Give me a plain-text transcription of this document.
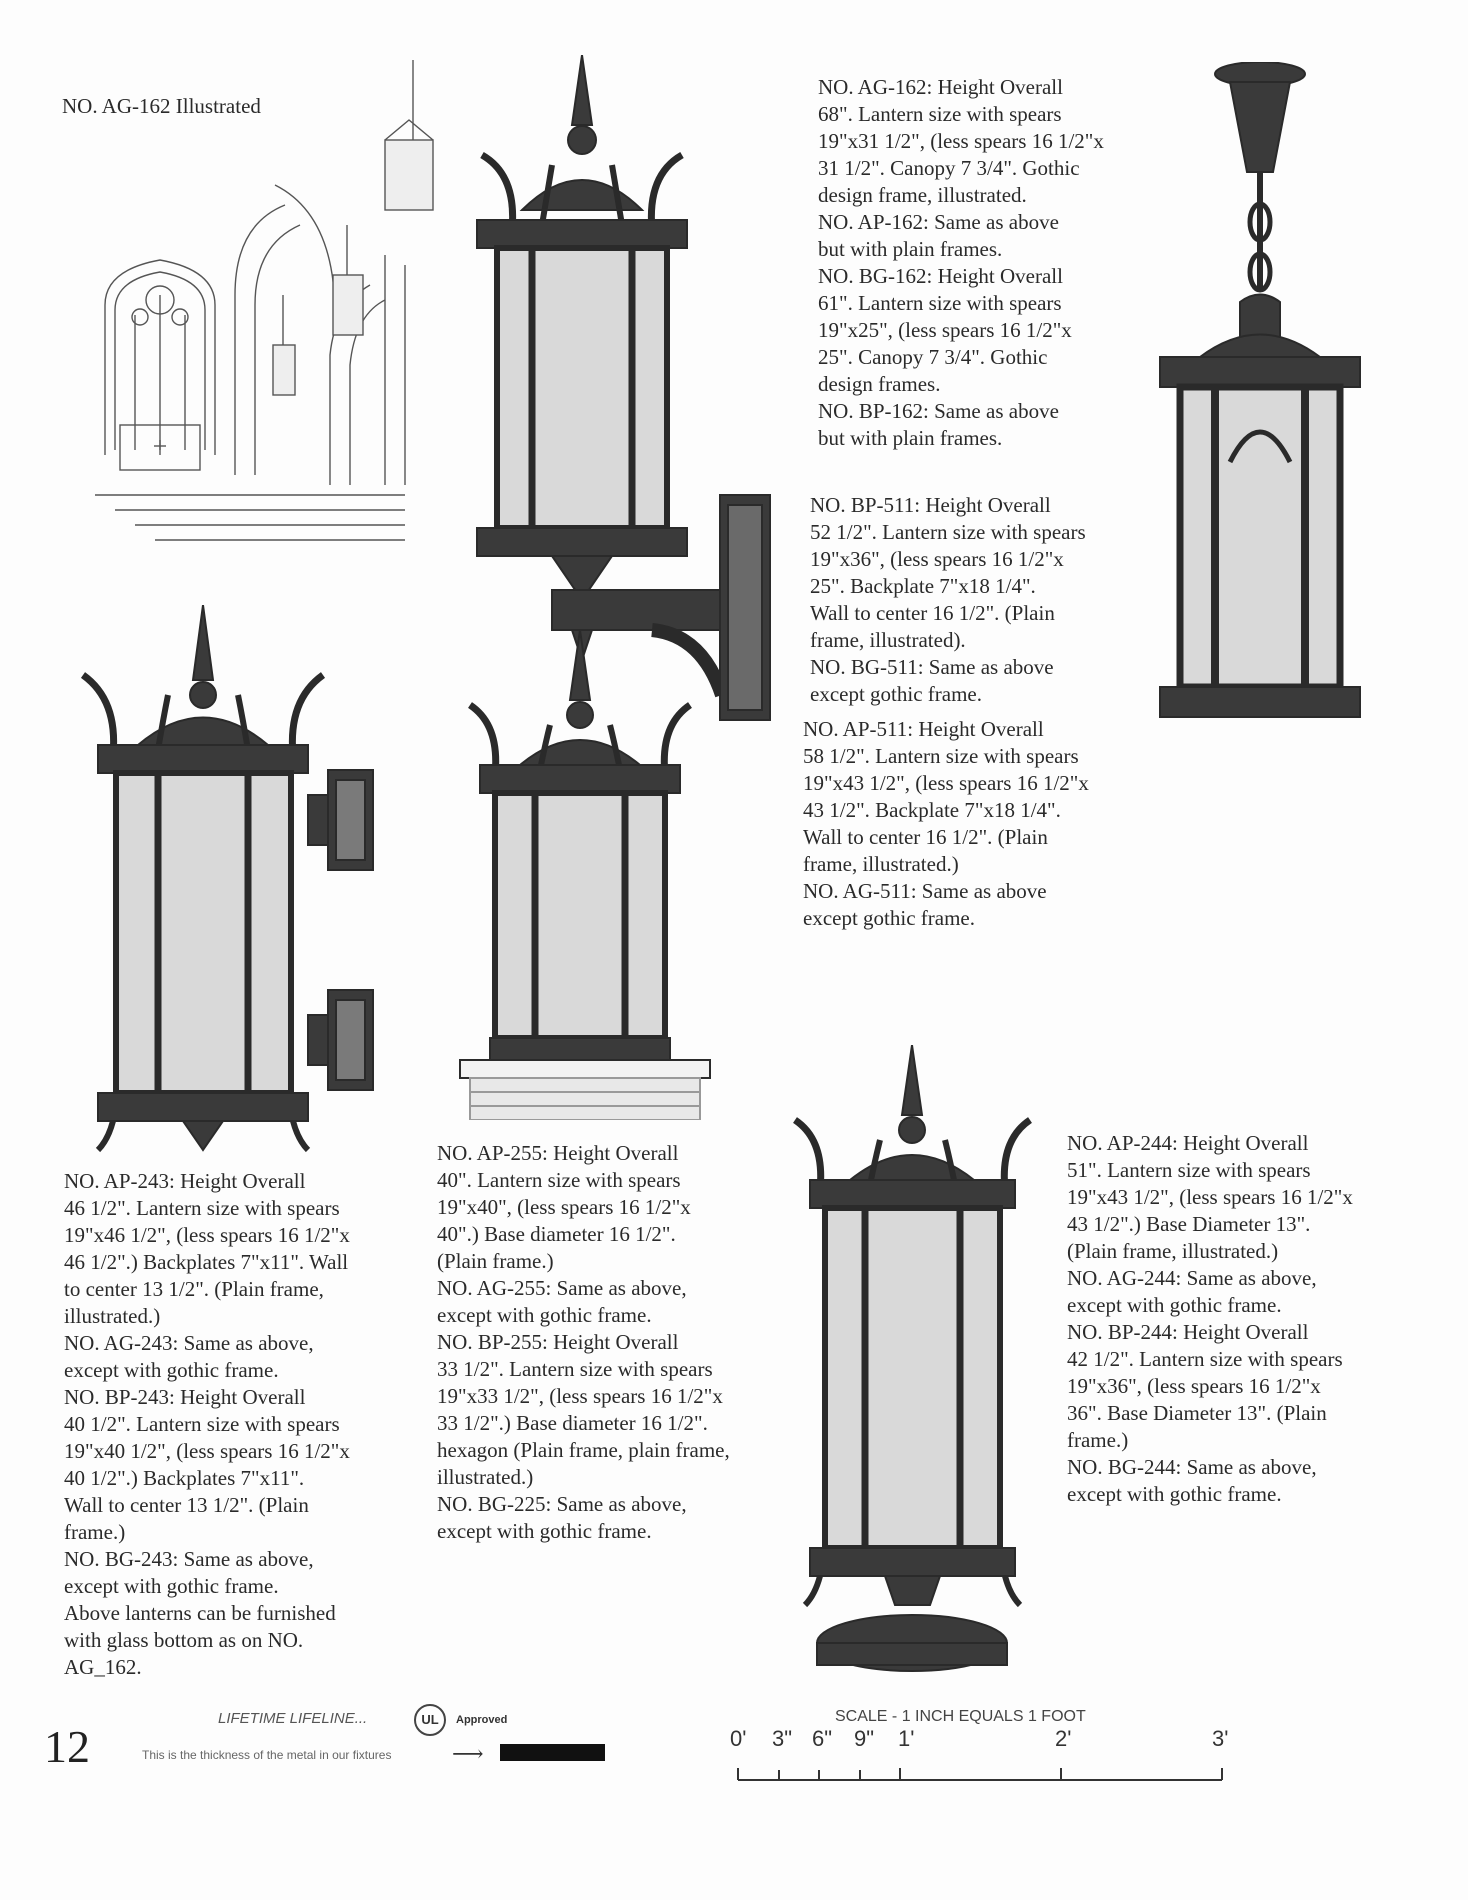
NO. AG-162 Illustrated
NO. AG-162: Height Overall
68". Lantern size with spears
19"x31 1/2", (less spears 16 1/2"x
31 1/2". Canopy 7 3/4". Gothic
design frame, illustrated.
NO. AP-162: Same as above
but with plain frames.
NO. BG-162: Height Overall
61". Lantern size with spears
19"x25", (less spears 16 1/2"x
25". Canopy 7 3/4". Gothic
design frames.
NO. BP-162: Same as above
but with plain frames.
NO. BP-511: Height Overall
52 1/2". Lantern size with spears
19"x36", (less spears 16 1/2"x
25". Backplate 7"x18 1/4".
Wall to center 16 1/2". (Plain
frame, illustrated).
NO. BG-511: Same as above
except gothic frame.
NO. AP-511: Height Overall
58 1/2". Lantern size with spears
19"x43 1/2", (less spears 16 1/2"x
43 1/2". Backplate 7"x18 1/4".
Wall to center 16 1/2". (Plain
frame, illustrated.)
NO. AG-511: Same as above
except gothic frame.
NO. AP-243: Height Overall
46 1/2". Lantern size with spears
19"x46 1/2", (less spears 16 1/2"x
46 1/2".) Backplates 7"x11". Wall
to center 13 1/2". (Plain frame,
illustrated.)
NO. AG-243: Same as above,
except with gothic frame.
NO. BP-243: Height Overall
40 1/2". Lantern size with spears
19"x40 1/2", (less spears 16 1/2"x
40 1/2".) Backplates 7"x11".
Wall to center 13 1/2". (Plain
frame.)
NO. BG-243: Same as above,
except with gothic frame.
Above lanterns can be furnished
with glass bottom as on NO.
AG_162.
NO. AP-255: Height Overall
40". Lantern size with spears
19"x40", (less spears 16 1/2"x
40".) Base diameter 16 1/2".
(Plain frame.)
NO. AG-255: Same as above,
except with gothic frame.
NO. BP-255: Height Overall
33 1/2". Lantern size with spears
19"x33 1/2", (less spears 16 1/2"x
33 1/2".) Base diameter 16 1/2".
hexagon (Plain frame, plain frame,
illustrated.)
NO. BG-225: Same as above,
except with gothic frame.
NO. AP-244: Height Overall
51". Lantern size with spears
19"x43 1/2", (less spears 16 1/2"x
43 1/2".) Base Diameter 13".
(Plain frame, illustrated.)
NO. AG-244: Same as above,
except with gothic frame.
NO. BP-244: Height Overall
42 1/2". Lantern size with spears
19"x36", (less spears 16 1/2"x
36". Base Diameter 13". (Plain
frame.)
NO. BG-244: Same as above,
except with gothic frame.
12
LIFETIME LIFELINE...	UL Approved
This is the thickness of the metal in our fixtures	⟶
SCALE - 1 INCH EQUALS 1 FOOT
0' 3" 6" 9" 1'	2'	3'
